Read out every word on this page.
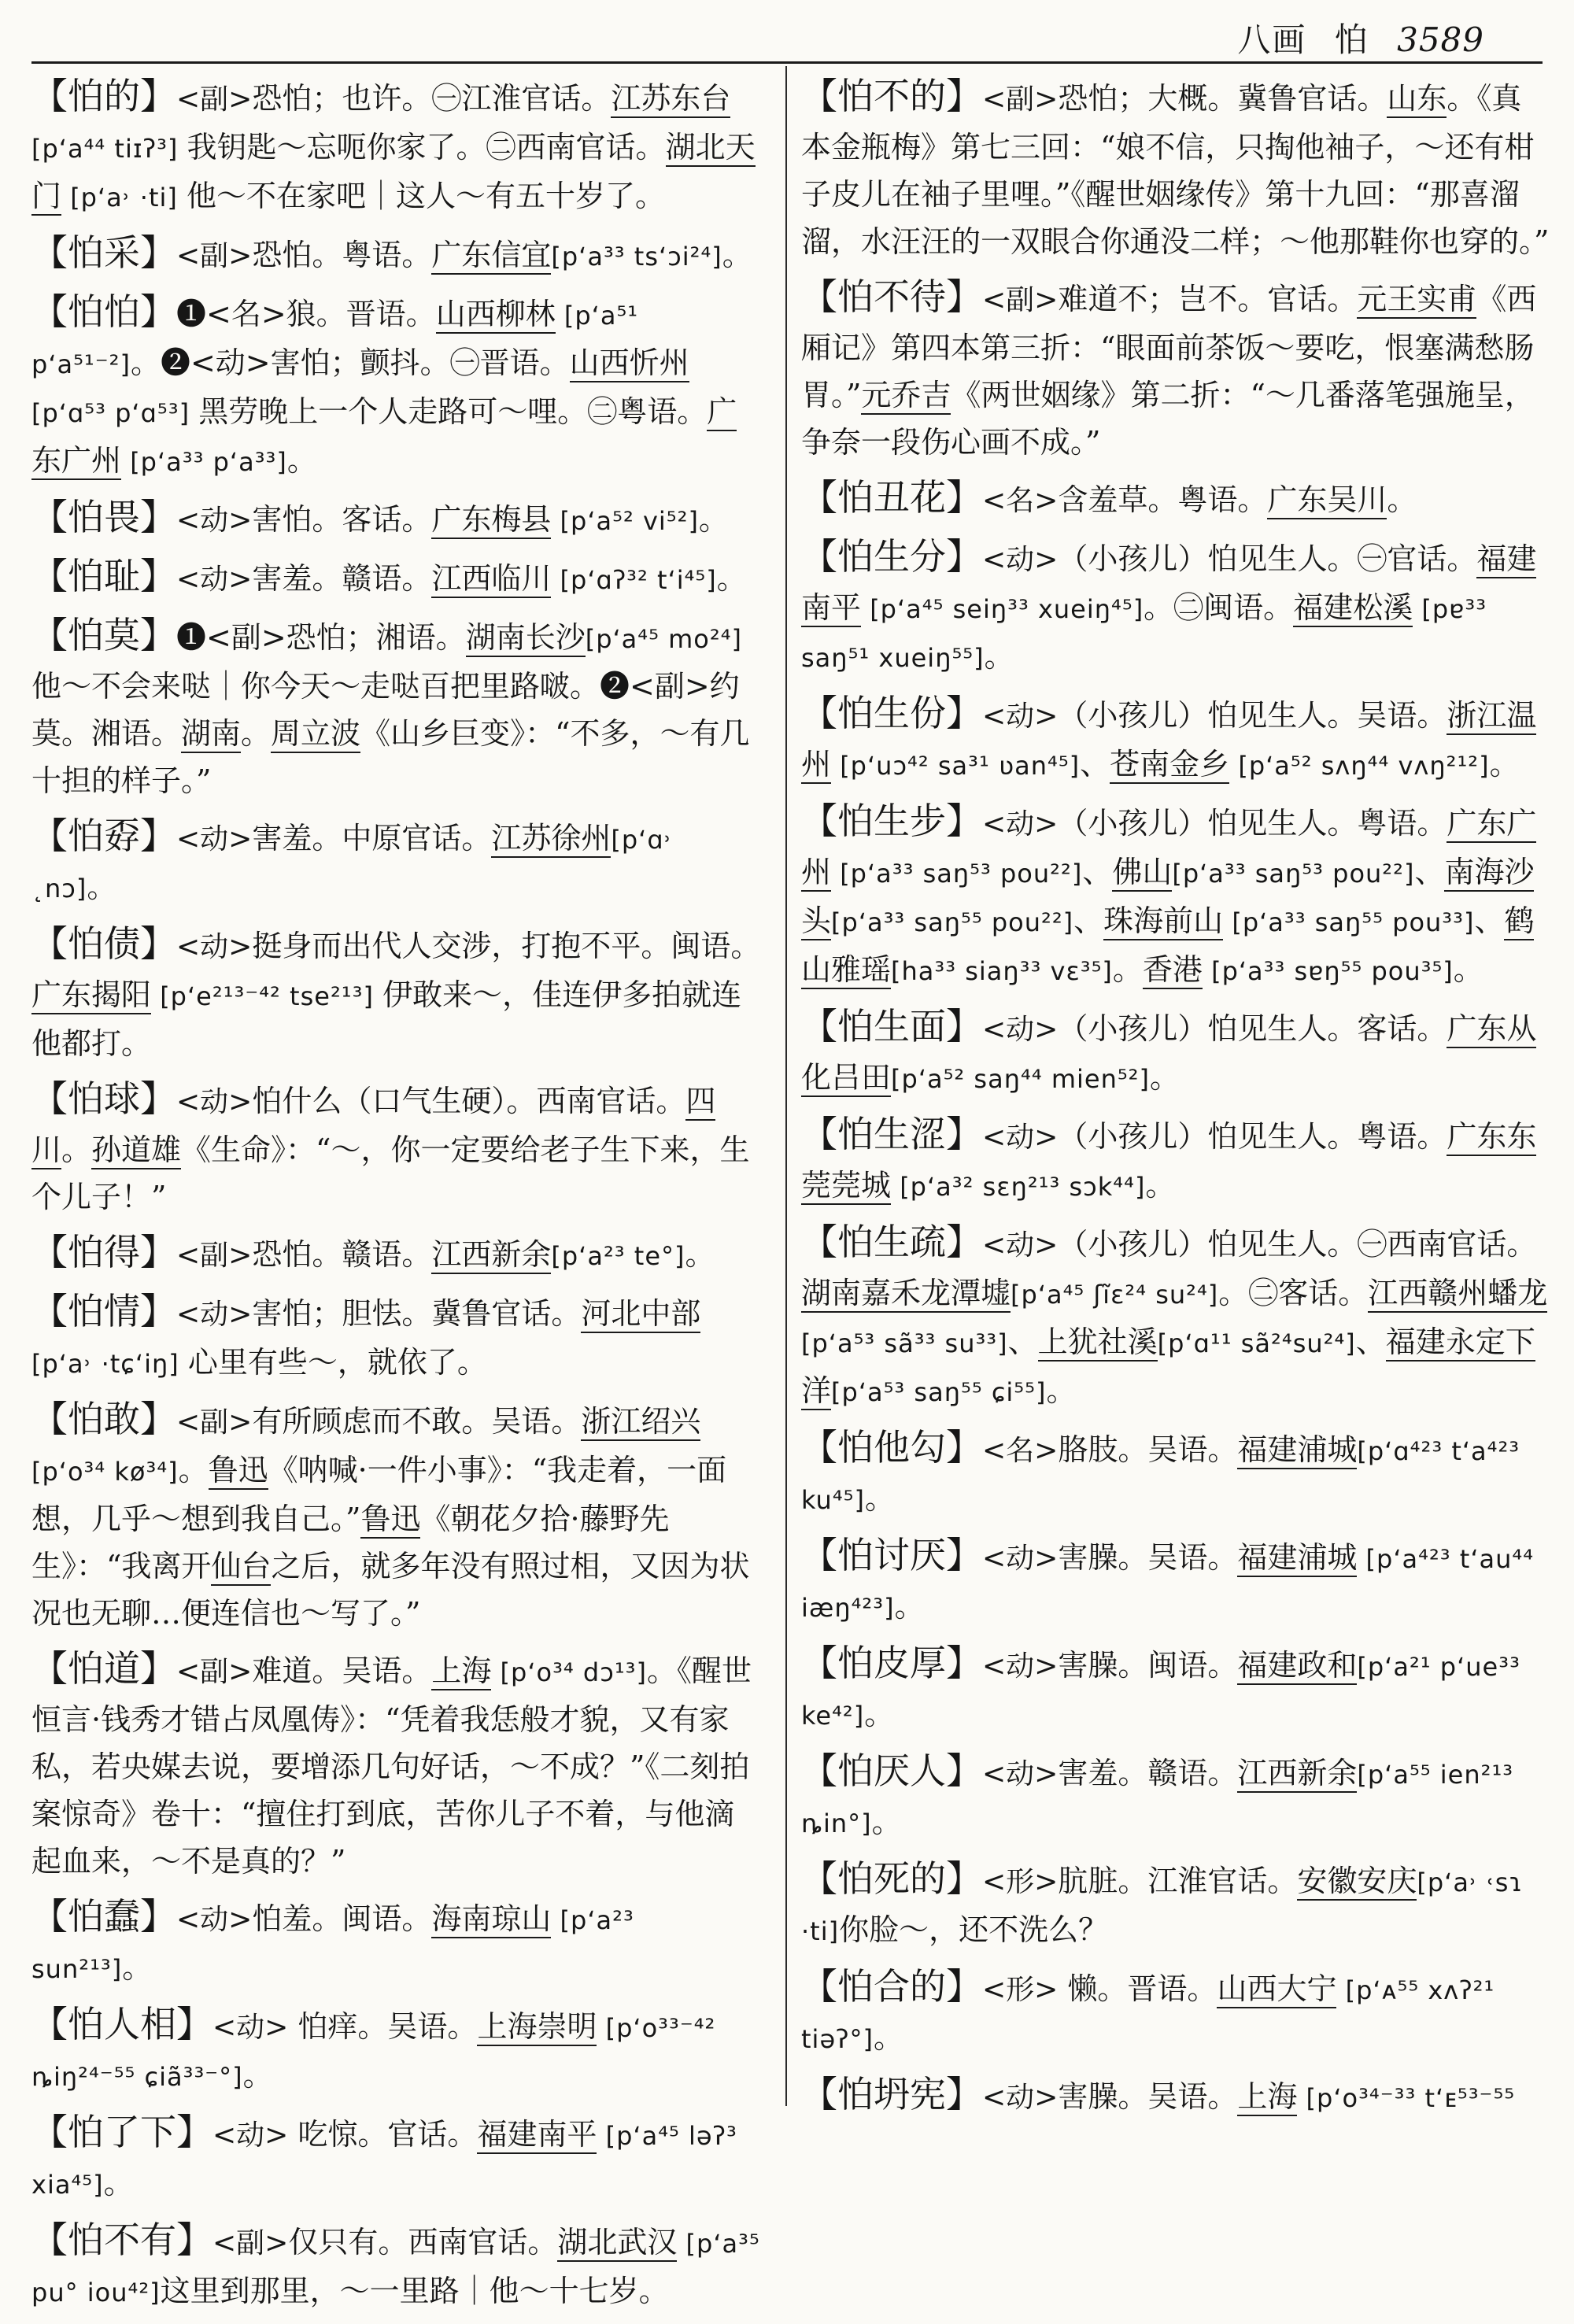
八画 怕 3589
【怕的】<副>恐怕；也许。㊀江淮官话。江苏东台 [pʻa⁴⁴ tiɪʔ³] 我钥匙～忘呃你家了。㊁西南官话。湖北天门 [pʻa˒ ·ti] 他～不在家吧｜这人～有五十岁了。
【怕采】<副>恐怕。粤语。广东信宜[pʻa³³ tsʻɔi²⁴]。
【怕怕】❶<名>狼。晋语。山西柳林 [pʻa⁵¹ pʻa⁵¹⁻²]。❷<动>害怕；颤抖。㊀晋语。山西忻州[pʻɑ⁵³ pʻɑ⁵³] 黑劳晚上一个人走路可～哩。㊁粤语。广东广州 [pʻa³³ pʻa³³]。
【怕畏】<动>害怕。客话。广东梅县 [pʻa⁵² vi⁵²]。
【怕耻】<动>害羞。赣语。江西临川 [pʻɑʔ³² tʻi⁴⁵]。
【怕莫】❶<副>恐怕；湘语。湖南长沙[pʻa⁴⁵ mo²⁴]他～不会来哒｜你今天～走哒百把里路啵。❷<副>约莫。湘语。湖南。周立波《山乡巨变》：“不多，～有几十担的样子。”
【怕孬】<动>害羞。中原官话。江苏徐州[pʻɑ˒ ˛nɔ]。
【怕债】<动>挺身而出代人交涉，打抱不平。闽语。广东揭阳 [pʻe²¹³⁻⁴² tse²¹³] 伊敢来～，佳连伊多拍就连他都打。
【怕球】<动>怕什么（口气生硬）。西南官话。四川。孙道雄《生命》：“～，你一定要给老子生下来，生个儿子！”
【怕得】<副>恐怕。赣语。江西新余[pʻa²³ te°]。
【怕情】<动>害怕；胆怯。冀鲁官话。河北中部 [pʻa˒ ·tɕʻiŋ] 心里有些～，就依了。
【怕敢】<副>有所顾虑而不敢。吴语。浙江绍兴 [pʻo³⁴ kø³⁴]。鲁迅《呐喊·一件小事》：“我走着，一面想，几乎～想到我自己。”鲁迅《朝花夕拾·藤野先生》：“我离开仙台之后，就多年没有照过相，又因为状况也无聊…便连信也～写了。”
【怕道】<副>难道。吴语。上海 [pʻo³⁴ dɔ¹³]。《醒世恒言·钱秀才错占凤凰俦》：“凭着我恁般才貌，又有家私，若央媒去说，要增添几句好话，～不成？”《二刻拍案惊奇》卷十：“擅住打到底，苦你儿子不着，与他滴起血来，～不是真的？”
【怕蠢】<动>怕羞。闽语。海南琼山 [pʻa²³ sun²¹³]。
【怕人相】<动> 怕痒。吴语。上海崇明 [pʻo³³⁻⁴² ȵiŋ²⁴⁻⁵⁵ ɕiã³³⁻°]。
【怕了下】<动> 吃惊。官话。福建南平 [pʻa⁴⁵ ləʔ³ xia⁴⁵]。
【怕不有】<副>仅只有。西南官话。湖北武汉 [pʻa³⁵ pu° iou⁴²]这里到那里，～一里路｜他～十七岁。
【怕不的】<副>恐怕；大概。冀鲁官话。山东。《真本金瓶梅》第七三回：“娘不信，只掏他袖子，～还有柑子皮儿在袖子里哩。”《醒世姻缘传》第十九回：“那喜溜溜，水汪汪的一双眼合你通没二样；～他那鞋你也穿的。”
【怕不待】<副>难道不；岂不。官话。元王实甫《西厢记》第四本第三折：“眼面前茶饭～要吃，恨塞满愁肠胃。”元乔吉《两世姻缘》第二折：“～几番落笔强施呈，争奈一段伤心画不成。”
【怕丑花】<名>含羞草。粤语。广东吴川。
【怕生分】<动>（小孩儿）怕见生人。㊀官话。福建南平 [pʻa⁴⁵ seiŋ³³ xueiŋ⁴⁵]。㊁闽语。福建松溪 [pɐ³³ saŋ⁵¹ xueiŋ⁵⁵]。
【怕生份】<动>（小孩儿）怕见生人。吴语。浙江温州 [pʻuɔ⁴² sa³¹ ʋan⁴⁵]、苍南金乡 [pʻa⁵² sʌŋ⁴⁴ vʌŋ²¹²]。
【怕生步】<动>（小孩儿）怕见生人。粤语。广东广州 [pʻa³³ saŋ⁵³ pou²²]、佛山[pʻa³³ saŋ⁵³ pou²²]、南海沙头[pʻa³³ saŋ⁵⁵ pou²²]、珠海前山 [pʻa³³ saŋ⁵⁵ pou³³]、鹤山雅瑶[ha³³ siaŋ³³ vɛ³⁵]。香港 [pʻa³³ sɐŋ⁵⁵ pou³⁵]。
【怕生面】<动>（小孩儿）怕见生人。客话。广东从化吕田[pʻa⁵² saŋ⁴⁴ mien⁵²]。
【怕生涩】<动>（小孩儿）怕见生人。粤语。广东东莞莞城 [pʻa³² sɛŋ²¹³ sɔk⁴⁴]。
【怕生疏】<动>（小孩儿）怕见生人。㊀西南官话。湖南嘉禾龙潭墟[pʻa⁴⁵ ʃĩɛ²⁴ su²⁴]。㊁客话。江西赣州蟠龙 [pʻa⁵³ sã³³ su³³]、上犹社溪[pʻɑ¹¹ sã²⁴su²⁴]、福建永定下洋[pʻa⁵³ saŋ⁵⁵ ɕi⁵⁵]。
【怕他勾】<名>胳肢。吴语。福建浦城[pʻɑ⁴²³ tʻa⁴²³ ku⁴⁵]。
【怕讨厌】<动>害臊。吴语。福建浦城 [pʻa⁴²³ tʻau⁴⁴ iæŋ⁴²³]。
【怕皮厚】<动>害臊。闽语。福建政和[pʻa²¹ pʻue³³ ke⁴²]。
【怕厌人】<动>害羞。赣语。江西新余[pʻa⁵⁵ ien²¹³ ȵin°]。
【怕死的】<形>肮脏。江淮官话。安徽安庆[pʻa˒ ˓sɿ ·ti]你脸～，还不洗么？
【怕合的】<形> 懒。晋语。山西大宁 [pʻᴀ⁵⁵ xʌʔ²¹ tiəʔ°]。
【怕坍宪】<动>害臊。吴语。上海 [pʻo³⁴⁻³³ tʻᴇ⁵³⁻⁵⁵
